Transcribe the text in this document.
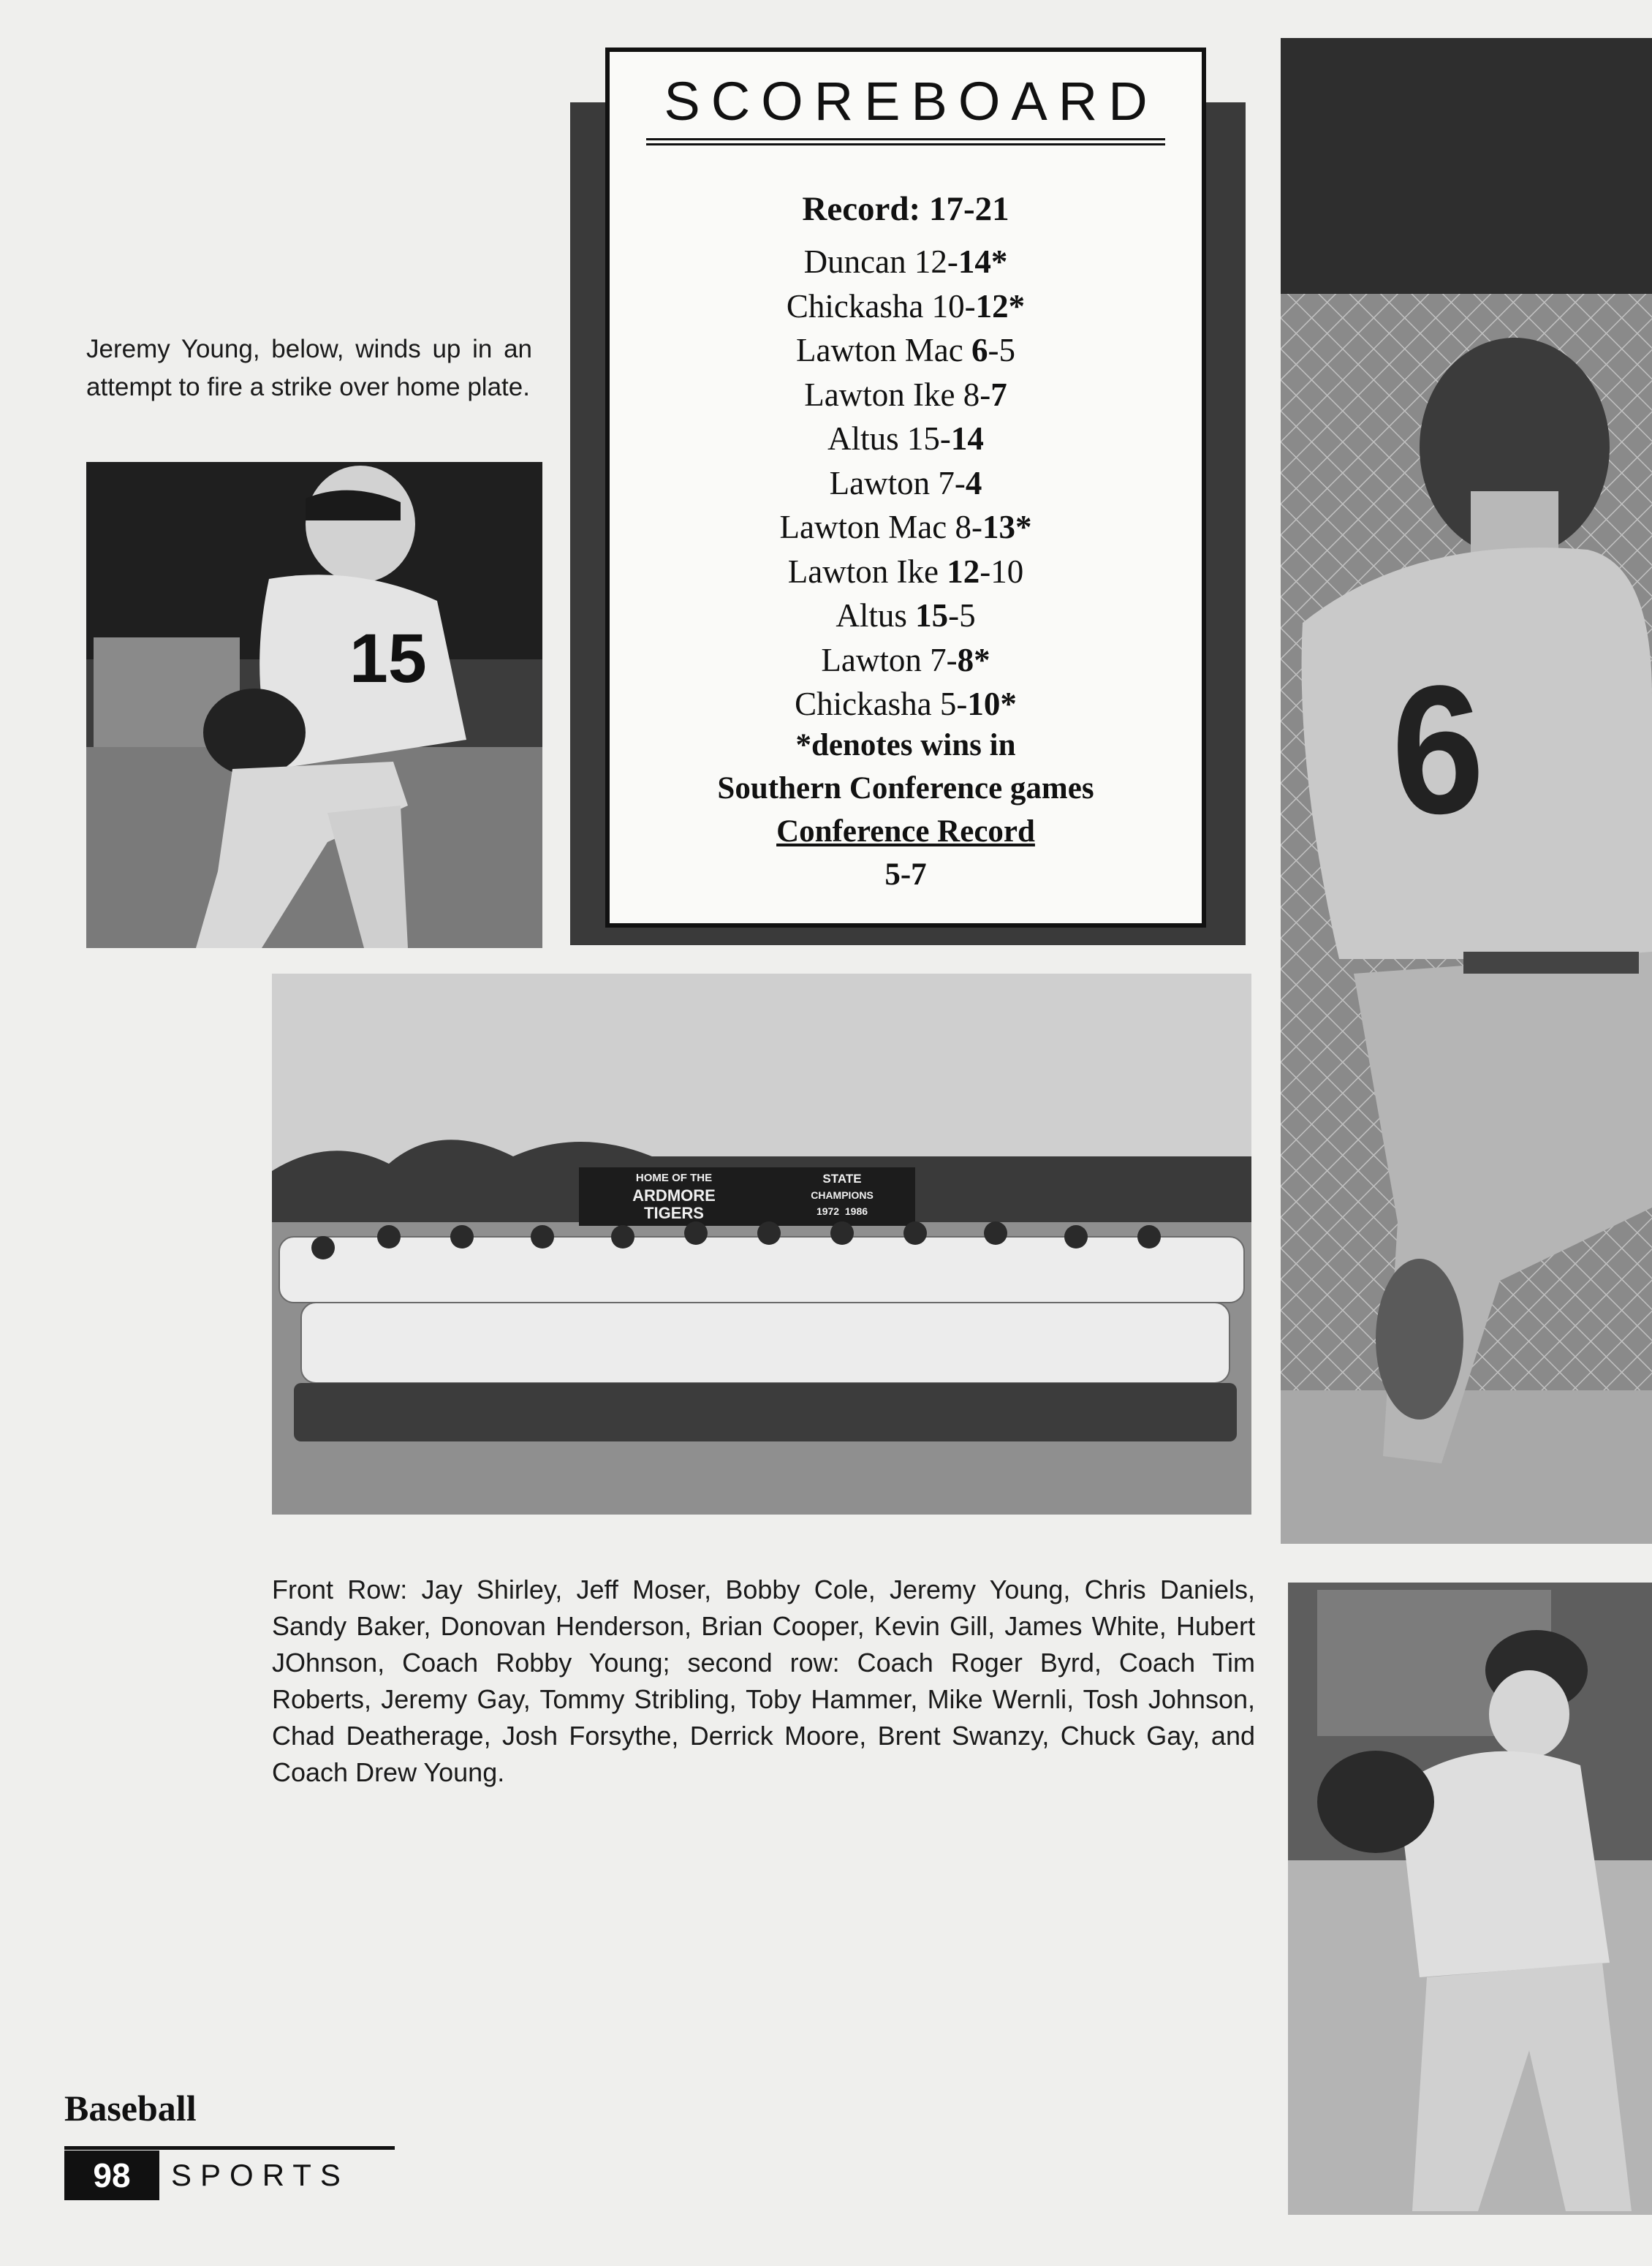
6
15
HOME OF THE
ARDMORE
TIGERS
STATE
CHAMPIONS
1972  1986
SCOREBOARD
Record: 17-21
Duncan 12-14*
Chickasha 10-12*
Lawton Mac 6-5
Lawton Ike 8-7
Altus 15-14
Lawton 7-4
Lawton Mac 8-13*
Lawton Ike 12-10
Altus 15-5
Lawton 7-8*
Chickasha 5-10*
*denotes wins in
Southern Conference games
Conference Record
5-7
Jeremy Young, below, winds up in an attempt to fire a strike over home plate.
Front Row: Jay Shirley, Jeff Moser, Bobby Cole, Jeremy Young, Chris Daniels, Sandy Baker, Donovan Henderson, Brian Cooper, Kevin Gill, James White, Hubert JOhnson, Coach Robby Young; second row: Coach Roger Byrd, Coach Tim Roberts, Jeremy Gay, Tommy Stribling, Toby Hammer, Mike Wernli, Tosh Johnson, Chad Deatherage, Josh Forsythe, Derrick Moore, Brent Swanzy, Chuck Gay, and Coach Drew Young.
Baseball
98	SPORTS
